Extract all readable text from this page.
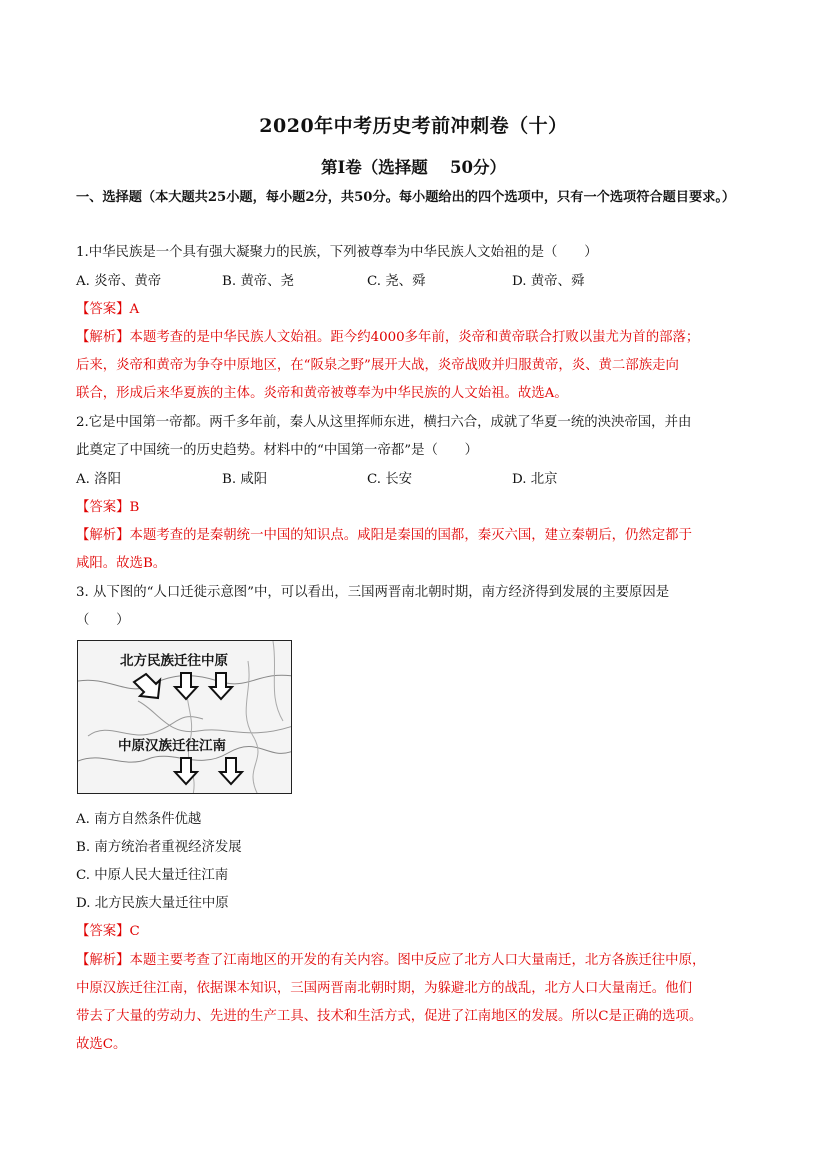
2020年中考历史考前冲刺卷（十）
第Ⅰ卷（选择题　 50分）
一、选择题（本大题共25小题，每小题2分，共50分。每小题给出的四个选项中，只有一个选项符合题目要求。）
1.中华民族是一个具有强大凝聚力的民族，下列被尊奉为中华民族人文始祖的是（　　）
A. 炎帝、黄帝	B. 黄帝、尧	C. 尧、舜	D. 黄帝、舜
【答案】A
【解析】本题考查的是中华民族人文始祖。距今约4000多年前，炎帝和黄帝联合打败以蚩尤为首的部落；
后来，炎帝和黄帝为争夺中原地区，在“阪泉之野”展开大战，炎帝战败并归服黄帝，炎、黄二部族走向
联合，形成后来华夏族的主体。炎帝和黄帝被尊奉为中华民族的人文始祖。故选A。
2.它是中国第一帝都。两千多年前，秦人从这里挥师东进，横扫六合，成就了华夏一统的泱泱帝国，并由
此奠定了中国统一的历史趋势。材料中的“中国第一帝都”是（　　）
A. 洛阳	B. 咸阳	C. 长安	D. 北京
【答案】B
【解析】本题考查的是秦朝统一中国的知识点。咸阳是秦国的国都，秦灭六国，建立秦朝后，仍然定都于
咸阳。故选B。
3. 从下图的“人口迁徙示意图”中，可以看出，三国两晋南北朝时期，南方经济得到发展的主要原因是
（　　）
北方民族迁往中原
中原汉族迁往江南
A. 南方自然条件优越
B. 南方统治者重视经济发展
C. 中原人民大量迁往江南
D. 北方民族大量迁往中原
【答案】C
【解析】本题主要考查了江南地区的开发的有关内容。图中反应了北方人口大量南迁，北方各族迁往中原，
中原汉族迁往江南，依据课本知识，三国两晋南北朝时期，为躲避北方的战乱，北方人口大量南迁。他们
带去了大量的劳动力、先进的生产工具、技术和生活方式，促进了江南地区的发展。所以C是正确的选项。
故选C。
